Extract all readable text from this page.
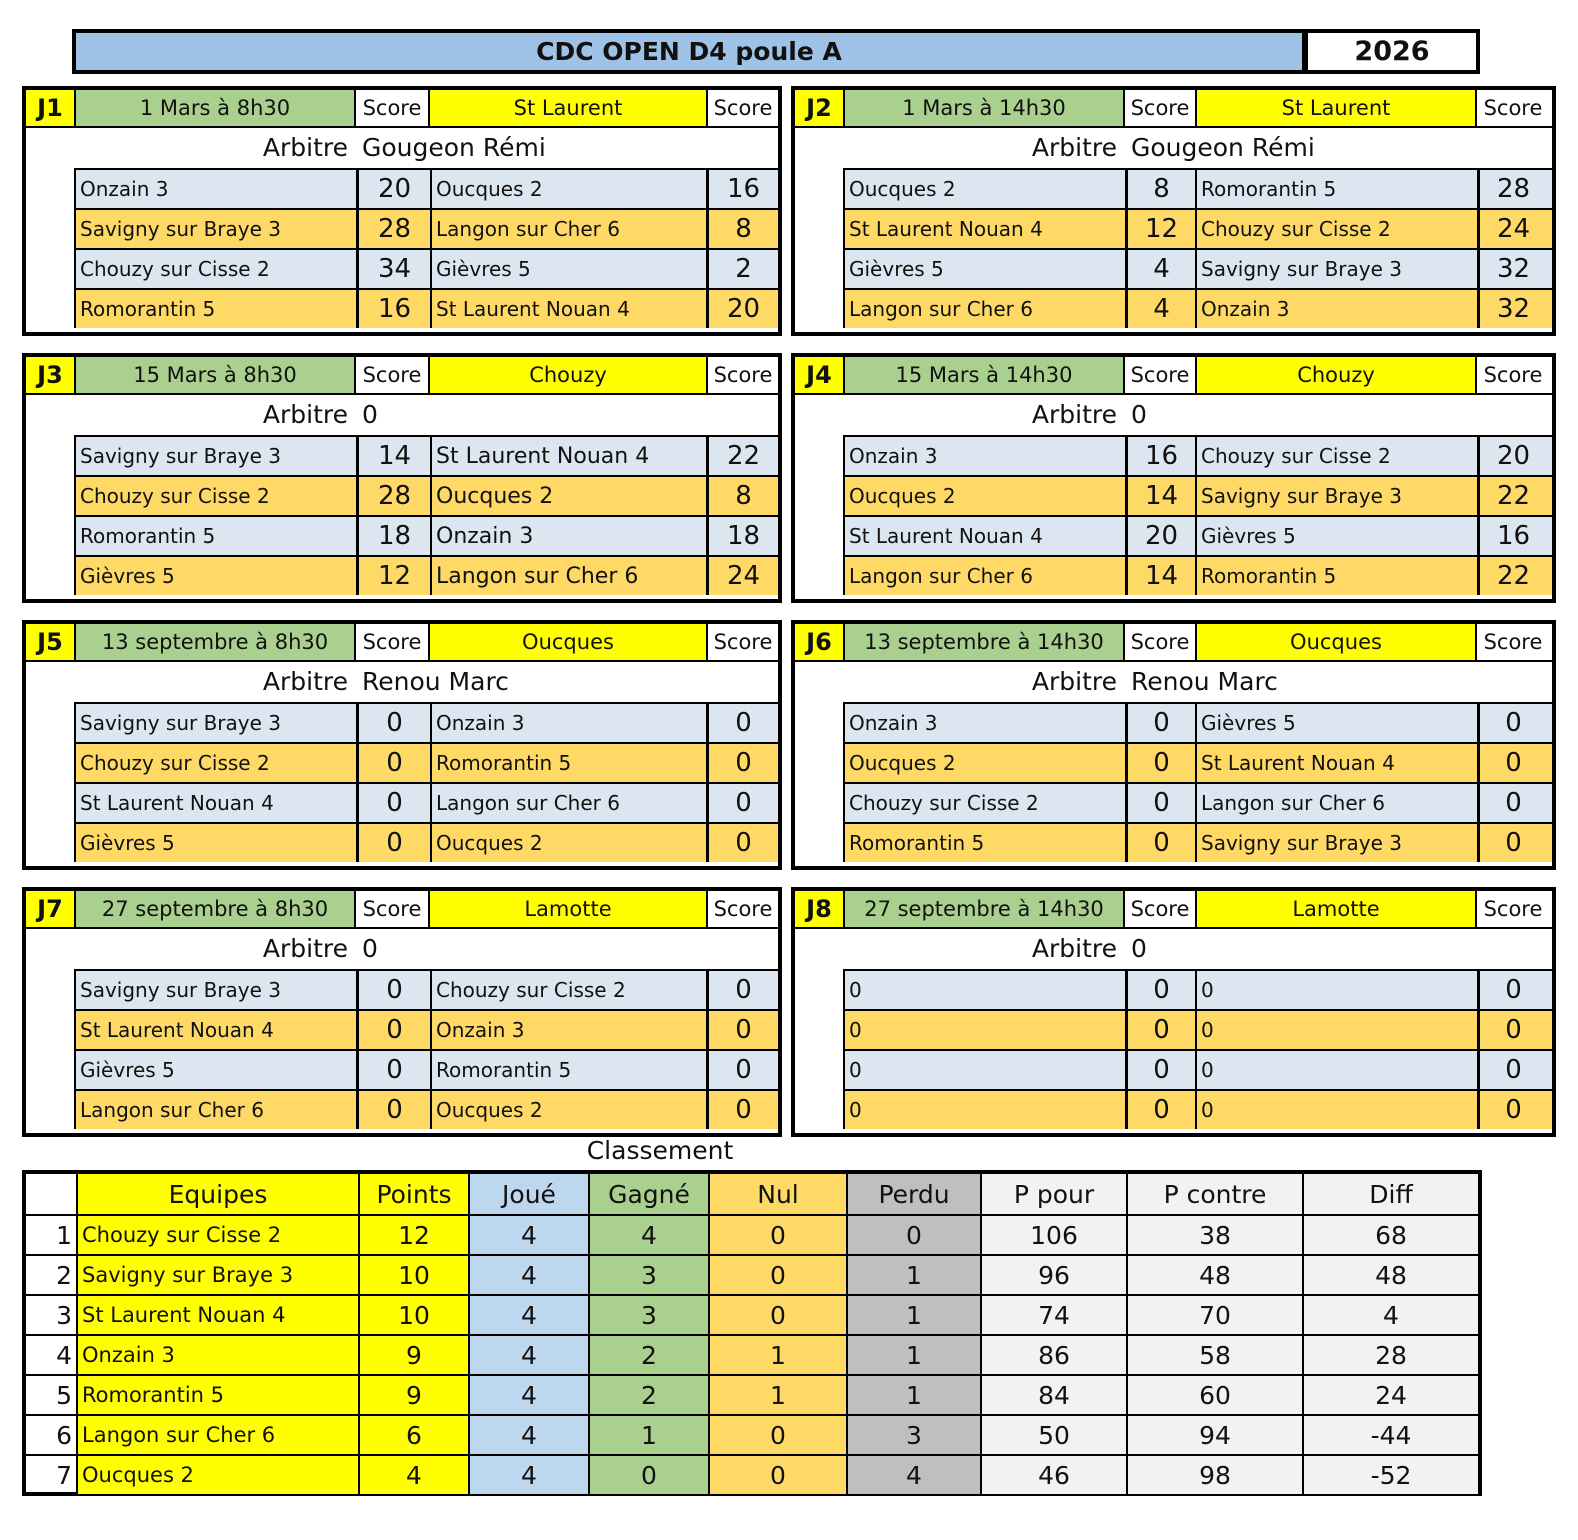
CDC OPEN D4 poule A	2026
J1	1 Mars à 8h30	Score	St Laurent	Score
Arbitre Gougeon Rémi
Onzain 3	20	Oucques 2	16
Savigny sur Braye 3	28	Langon sur Cher 6	8
Chouzy sur Cisse 2	34	Gièvres 5	2
Romorantin 5	16	St Laurent Nouan 4	20
J2	1 Mars à 14h30	Score	St Laurent	Score
Arbitre Gougeon Rémi
Oucques 2	8	Romorantin 5	28
St Laurent Nouan 4	12	Chouzy sur Cisse 2	24
Gièvres 5	4	Savigny sur Braye 3	32
Langon sur Cher 6	4	Onzain 3	32
J3	15 Mars à 8h30	Score	Chouzy	Score
Arbitre 0
Savigny sur Braye 3	14	St Laurent Nouan 4	22
Chouzy sur Cisse 2	28	Oucques 2	8
Romorantin 5	18	Onzain 3	18
Gièvres 5	12	Langon sur Cher 6	24
J4	15 Mars à 14h30	Score	Chouzy	Score
Arbitre 0
Onzain 3	16	Chouzy sur Cisse 2	20
Oucques 2	14	Savigny sur Braye 3	22
St Laurent Nouan 4	20	Gièvres 5	16
Langon sur Cher 6	14	Romorantin 5	22
J5	13 septembre à 8h30	Score	Oucques	Score
Arbitre Renou Marc
Savigny sur Braye 3	0	Onzain 3	0
Chouzy sur Cisse 2	0	Romorantin 5	0
St Laurent Nouan 4	0	Langon sur Cher 6	0
Gièvres 5	0	Oucques 2	0
J6	13 septembre à 14h30	Score	Oucques	Score
Arbitre Renou Marc
Onzain 3	0	Gièvres 5	0
Oucques 2	0	St Laurent Nouan 4	0
Chouzy sur Cisse 2	0	Langon sur Cher 6	0
Romorantin 5	0	Savigny sur Braye 3	0
J7	27 septembre à 8h30	Score	Lamotte	Score
Arbitre 0
Savigny sur Braye 3	0	Chouzy sur Cisse 2	0
St Laurent Nouan 4	0	Onzain 3	0
Gièvres 5	0	Romorantin 5	0
Langon sur Cher 6	0	Oucques 2	0
J8	27 septembre à 14h30	Score	Lamotte	Score
Arbitre 0
0	0	0	0
0	0	0	0
0	0	0	0
0	0	0	0
Classement
Equipes	Points	Joué	Gagné	Nul	Perdu	P pour	P contre	Diff
1 Chouzy sur Cisse 2	12	4	4	0	0	106	38	68
2 Savigny sur Braye 3	10	4	3	0	1	96	48	48
3 St Laurent Nouan 4	10	4	3	0	1	74	70	4
4 Onzain 3	9	4	2	1	1	86	58	28
5 Romorantin 5	9	4	2	1	1	84	60	24
6 Langon sur Cher 6	6	4	1	0	3	50	94	-44
7 Oucques 2	4	4	0	0	4	46	98	-52
